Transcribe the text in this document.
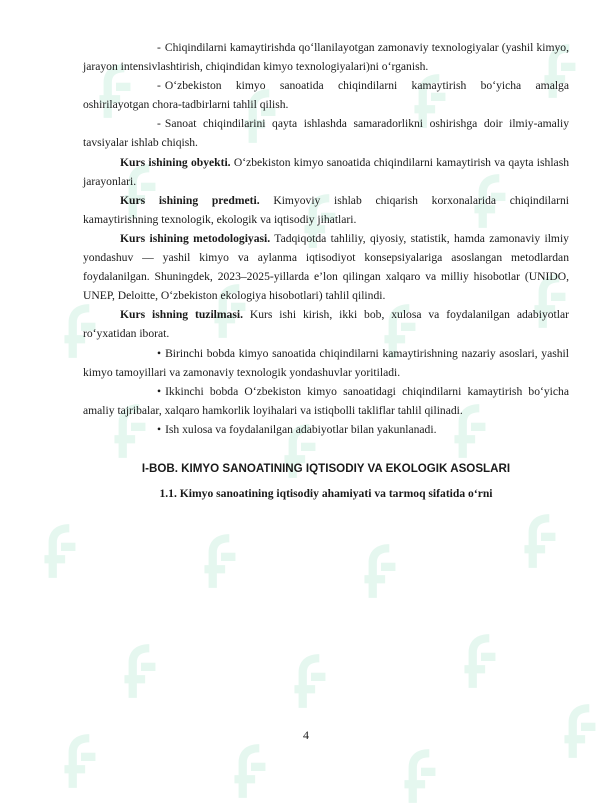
- Chiqindilarni kamaytirishda qo‘llanilayotgan zamonaviy texnologiyalar (yashil kimyo, jarayon intensivlashtirish, chiqindidan kimyo texnologiyalari)ni o‘rganish.

- O‘zbekiston kimyo sanoatida chiqindilarni kamaytirish bo‘yicha amalga oshirilayotgan chora-tadbirlarni tahlil qilish.

- Sanoat chiqindilarini qayta ishlashda samaradorlikni oshirishga doir ilmiy-amaliy tavsiyalar ishlab chiqish.

Kurs ishining obyekti. O‘zbekiston kimyo sanoatida chiqindilarni kamaytirish va qayta ishlash jarayonlari.

Kurs ishining predmeti. Kimyoviy ishlab chiqarish korxonalarida chiqindilarni kamaytirishning texnologik, ekologik va iqtisodiy jihatlari.

Kurs ishining metodologiyasi. Tadqiqotda tahliliy, qiyosiy, statistik, hamda zamonaviy ilmiy yondashuv — yashil kimyo va aylanma iqtisodiyot konsepsiyalariga asoslangan metodlardan foydalanilgan. Shuningdek, 2023–2025-yillarda e’lon qilingan xalqaro va milliy hisobotlar (UNIDO, UNEP, Deloitte, O‘zbekiston ekologiya hisobotlari) tahlil qilindi.

Kurs ishning tuzilmasi. Kurs ishi kirish, ikki bob, xulosa va foydalanilgan adabiyotlar ro‘yxatidan iborat.

• Birinchi bobda kimyo sanoatida chiqindilarni kamaytirishning nazariy asoslari, yashil kimyo tamoyillari va zamonaviy texnologik yondashuvlar yoritiladi.

• Ikkinchi bobda O‘zbekiston kimyo sanoatidagi chiqindilarni kamaytirish bo‘yicha amaliy tajribalar, xalqaro hamkorlik loyihalari va istiqbolli takliflar tahlil qilinadi.

• Ish xulosa va foydalanilgan adabiyotlar bilan yakunlanadi.

I-BOB. KIMYO SANOATINING IQTISODIY VA EKOLOGIK ASOSLARI
1.1. Kimyo sanoatining iqtisodiy ahamiyati va tarmoq sifatida o‘rni
4
